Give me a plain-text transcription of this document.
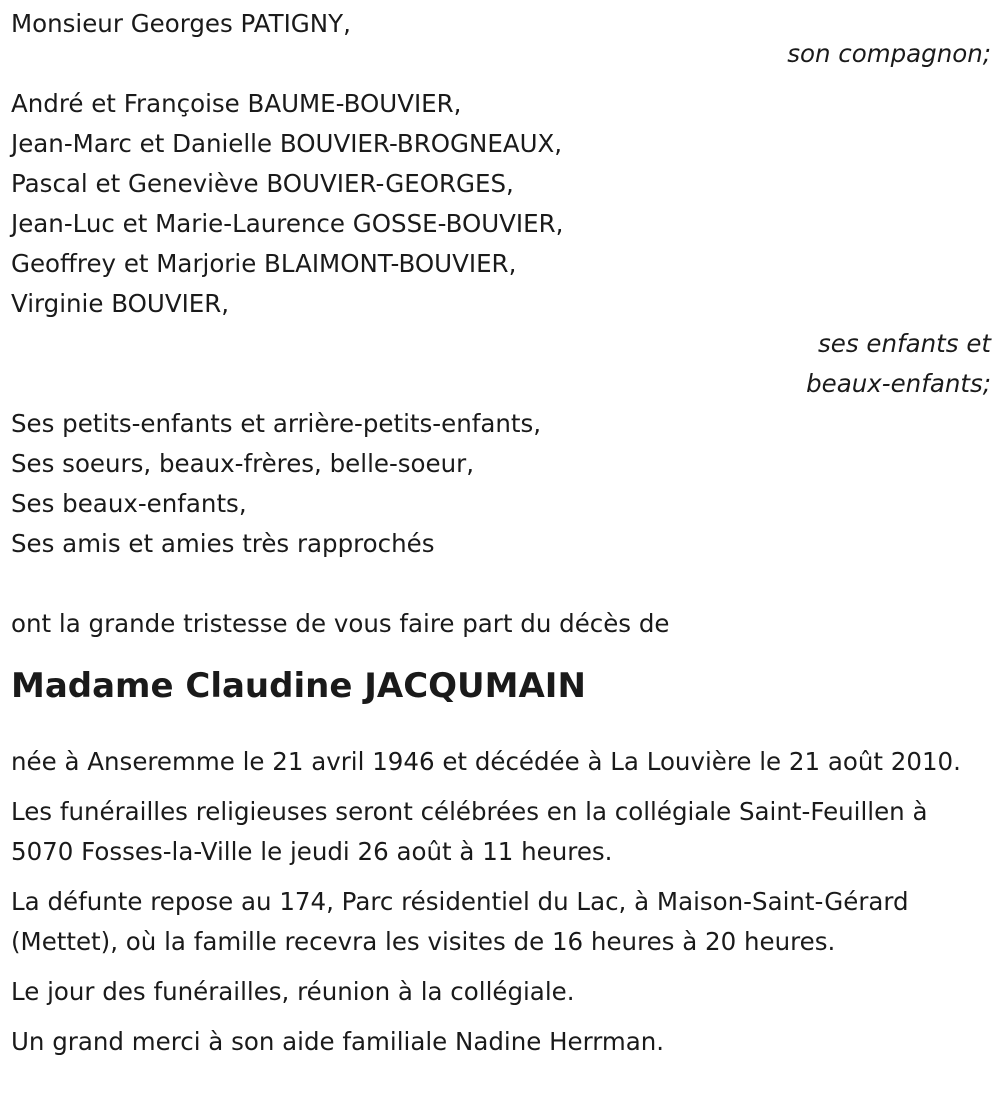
Monsieur Georges PATIGNY,
son compagnon;
André et Françoise BAUME-BOUVIER,
Jean-Marc et Danielle BOUVIER-BROGNEAUX,
Pascal et Geneviève BOUVIER-GEORGES,
Jean-Luc et Marie-Laurence GOSSE-BOUVIER,
Geoffrey et Marjorie BLAIMONT-BOUVIER,
Virginie BOUVIER,
ses enfants et
beaux-enfants;
Ses petits-enfants et arrière-petits-enfants,
Ses soeurs, beaux-frères, belle-soeur,
Ses beaux-enfants,
Ses amis et amies très rapprochés
ont la grande tristesse de vous faire part du décès de
Madame Claudine JACQUMAIN
née à Anseremme le 21 avril 1946 et décédée à La Louvière le 21 août 2010.
Les funérailles religieuses seront célébrées en la collégiale Saint-Feuillen à 5070 Fosses-la-Ville le jeudi 26 août à 11 heures.
La défunte repose au 174, Parc résidentiel du Lac, à Maison-Saint-Gérard (Mettet), où la famille recevra les visites de 16 heures à 20 heures.
Le jour des funérailles, réunion à la collégiale.
Un grand merci à son aide familiale Nadine Herrman.
